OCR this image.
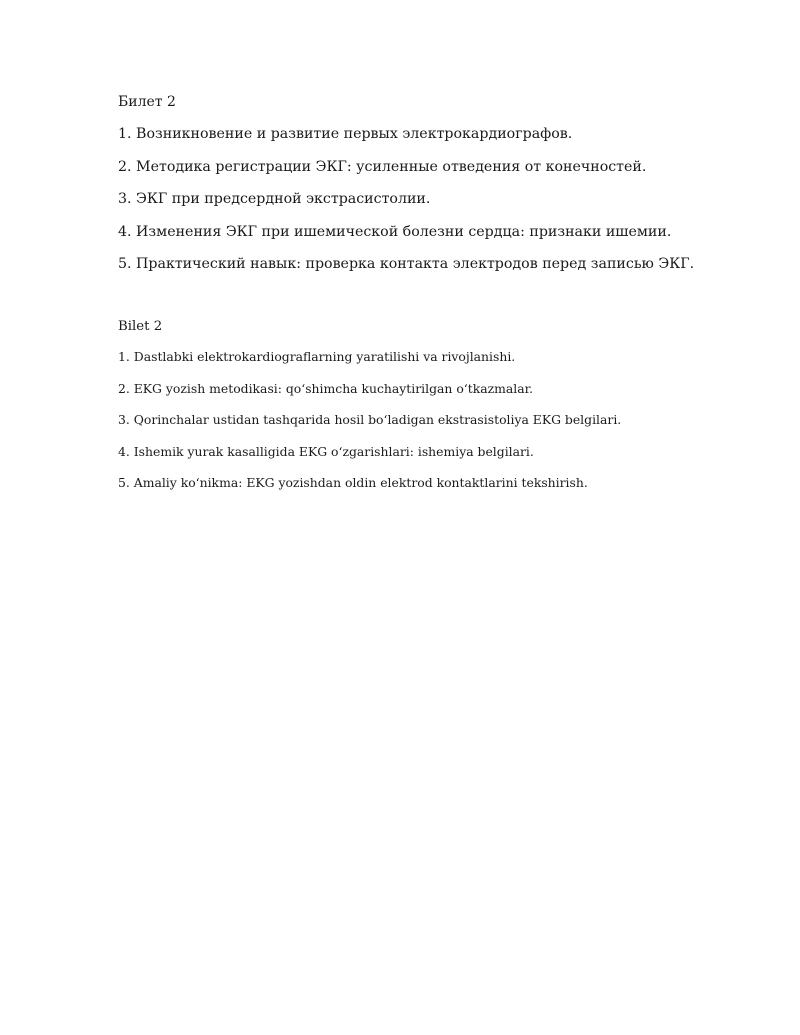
Билет 2
1. Возникновение и развитие первых электрокардиографов.
2. Методика регистрации ЭКГ: усиленные отведения от конечностей.
3. ЭКГ при предсердной экстрасистолии.
4. Изменения ЭКГ при ишемической болезни сердца: признаки ишемии.
5. Практический навык: проверка контакта электродов перед записью ЭКГ.
Bilet 2
1. Dastlabki elektrokardiograflarning yaratilishi va rivojlanishi.
2. EKG yozish metodikasi: qo‘shimcha kuchaytirilgan o‘tkazmalar.
3. Qorinchalar ustidan tashqarida hosil bo‘ladigan ekstrasistoliya EKG belgilari.
4. Ishemik yurak kasalligida EKG o‘zgarishlari: ishemiya belgilari.
5. Amaliy ko‘nikma: EKG yozishdan oldin elektrod kontaktlarini tekshirish.
